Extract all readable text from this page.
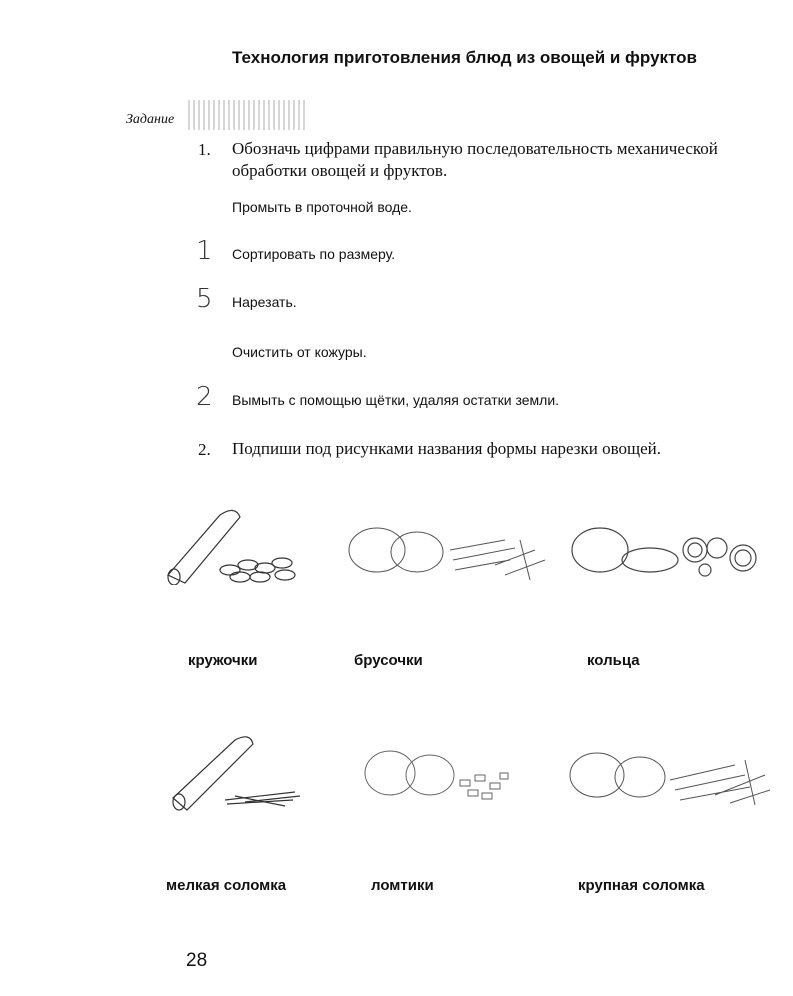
Технология приготовления блюд из овощей и фруктов
Задание
1. Обозначь цифрами правильную последовательность механической обработки овощей и фруктов.
Промыть в проточной воде.
1 Сортировать по размеру.
5 Нарезать.
Очистить от кожуры.
2 Вымыть с помощью щётки, удаляя остатки земли.
2. Подпиши под рисунками названия формы нарезки овощей.
кружочки	брусочки	кольца
мелкая соломка	ломтики	крупная соломка
28
